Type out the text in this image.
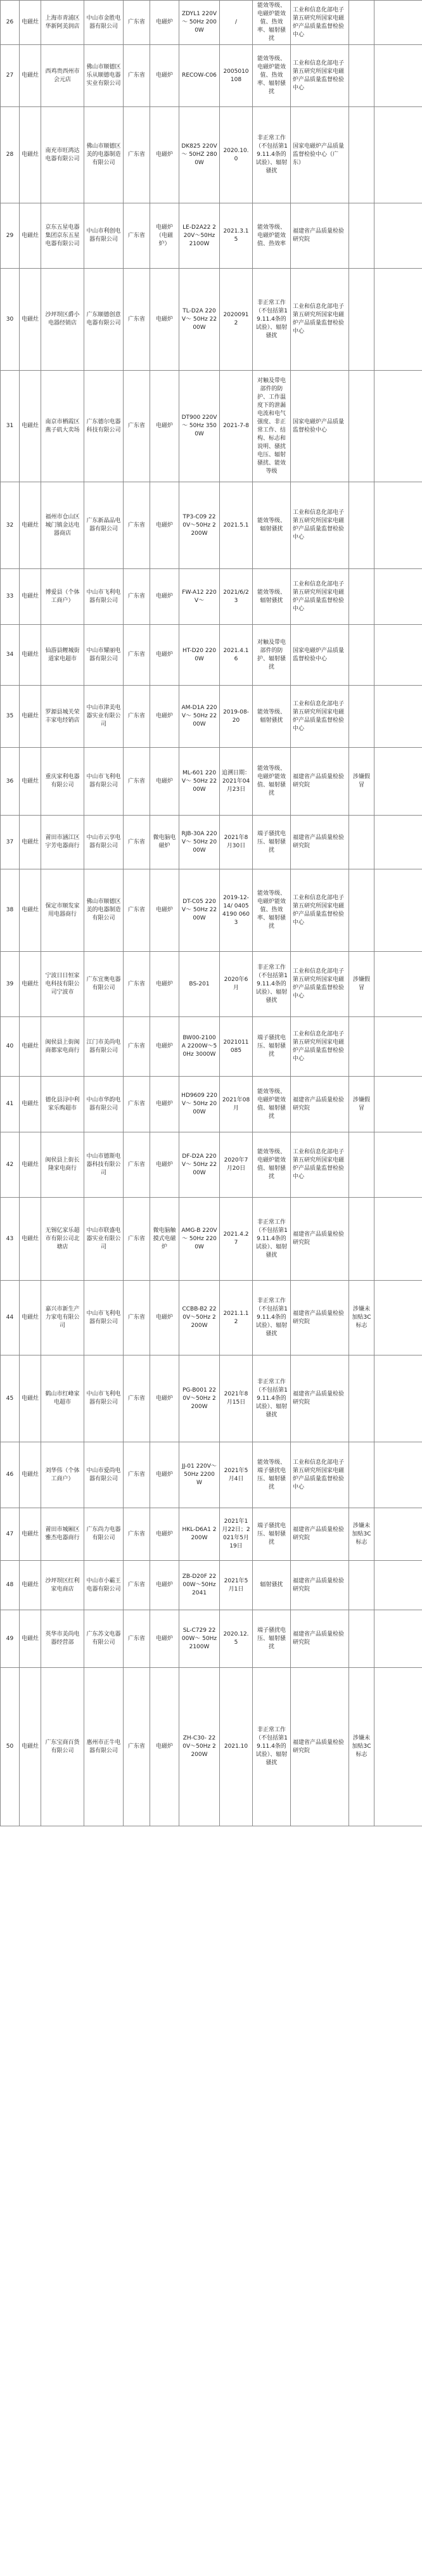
26	电磁灶	上海市青浦区华新阿美润店	中山市金胜电器有限公司	广东省	电磁炉	ZDYL1 220V～ 50Hz 2000W	/	能效等级、电磁炉能效值、热效率、辐射骚扰	工业和信息化部电子第五研究所国家电磁炉产品质量监督检验中心		
27	电磁灶	西鸡贵西州市会元店	佛山市顺德区乐从顺德电器实业有限公司	广东省	电磁炉	RECOW-C06	2005010108	能效等级、电磁炉能效值、热效率、辐射骚扰	工业和信息化部电子第五研究所国家电磁炉产品质量监督检验中心		
28	电磁灶	南充市旺鸿达电器有限公司	佛山市顺德区美的电器制造有限公司	广东省	电磁炉	DK825 220V～ 50HZ 2800W	2020.10.0	非正常工作（不包括第19.11.4条的试验）、辐射骚扰	国家电磁炉产品质量监督检验中心（广东）		
29	电磁灶	京东五星电器集团京东五星电器有限公司	中山市利创电器有限公司	广东省	电磁炉（电磁炉）	LE-D2A22 220V～50Hz 2100W	2021.3.15	能效等级、电磁炉能效值、热效率	福建省产品质量检验研究院		
30	电磁灶	沙坪坝区爵小电器经销店	广东顺德创意电器有限公司	广东省	电磁炉	TL-D2A 220V～ 50Hz 2200W	20200912	非正常工作（不包括第19.11.4条的试验）、辐射骚扰	工业和信息化部电子第五研究所国家电磁炉产品质量监督检验中心		
31	电磁灶	南京市栖霞区燕子矶大卖场	广东德尔电器科技有限公司	广东省	电磁炉	DT900 220V～ 50Hz 3500W	2021-7-8	对触及带电部件的防护、工作温度下的泄漏电流和电气强度、非正常工作、结构、标志和说明、骚扰电压、辐射骚扰、能效等级	国家电磁炉产品质量监督检验中心		
32	电磁灶	福州市仓山区城门镇金达电器商店	广东新晶品电器有限公司	广东省	电磁炉	TP3-C09 220V～50Hz 2200W	2021.5.1	能效等级、辐射骚扰	工业和信息化部电子第五研究所国家电磁炉产品质量监督检验中心		
33	电磁灶	博爱县（个体工商户）	中山市飞利电器有限公司	广东省	电磁炉	FW-A12 220V～	2021/6/23	能效等级、辐射骚扰	工业和信息化部电子第五研究所国家电磁炉产品质量监督检验中心		
34	电磁灶	仙游县鲤城街道家电超市	中山市耀丽电器有限公司	广东省	电磁炉	HT-D20 2200W	2021.4.16	对触及带电部件的防护、辐射骚扰	国家电磁炉产品质量监督检验中心		
35	电磁灶	罗源县城关荣丰家电经销店	中山市津美电器实业有限公司	广东省	电磁炉	AM-D1A 220V～ 50Hz 2200W	2019-08-20	能效等级、辐射骚扰	工业和信息化部电子第五研究所国家电磁炉产品质量监督检验中心		
36	电磁灶	重庆家利电器有限公司	中山市飞利电器有限公司	广东省	电磁炉	ML-601 220V～ 50Hz 2200W	追溯日期：2021年04月23日	能效等级、电磁炉能效值、辐射骚扰	福建省产品质量检验研究院	涉嫌假冒	
37	电磁灶	莆田市涵江区宇芳电器商行	中山市云享电器有限公司	广东省	微电脑电磁炉	RJB-30A 220V～ 50Hz 2000W	2021年8月30日	端子骚扰电压、辐射骚扰	福建省产品质量检验研究院		
38	电磁灶	保定市顺发家用电器商行	佛山市顺德区美的电器制造有限公司	广东省	电磁炉	DT-C05 220V～ 50Hz 2200W	2019-12-14/ 04054190 0603	能效等级、电磁炉能效值、热效率、辐射骚扰	工业和信息化部电子第五研究所国家电磁炉产品质量监督检验中心		
39	电磁灶	宁波日日恒家电科技有限公司宁波市	广东宜奥电器有限公司	广东省	电磁炉	BS-201	2020年6月	非正常工作（不包括第19.11.4条的试验）、辐射骚扰	工业和信息化部电子第五研究所国家电磁炉产品质量监督检验中心	涉嫌假冒	
40	电磁灶	闽侯县上街闽商都家电商行	江门市美尚电器有限公司	广东省	电磁炉	BW00-2100A 2200W～50Hz 3000W	2021011085	端子骚扰电压、辐射骚扰	工业和信息化部电子第五研究所国家电磁炉产品质量监督检验中心		
41	电磁灶	德化县浔中利家乐购超市	中山市华韵电器有限公司	广东省	电磁炉	HD9609 220V～ 50Hz 2000W	2021年08月	能效等级、电磁炉能效值、辐射骚扰	福建省产品质量检验研究院	涉嫌假冒	
42	电磁灶	闽侯县上街长隆家电商行	中山市德斯电器科技有限公司	广东省	电磁炉	DF-D2A 220V～ 50Hz 2200W	2020年7月20日	能效等级、电磁炉能效值、辐射骚扰	工业和信息化部电子第五研究所国家电磁炉产品质量监督检验中心		
43	电磁灶	无锡亿家乐超市有限公司北塘店	中山市联盛电器实业有限公司	广东省	微电脑触摸式电磁炉	AMG-B 220V～ 50Hz 2200W	2021.4.27	非正常工作（不包括第19.11.4条的试验）、辐射骚扰	福建省产品质量检验研究院		
44	电磁灶	嘉兴市新生产力家电有限公司	中山市飞利电器有限公司	广东省	电磁炉	CCBB-B2 220V～50Hz 2200W	2021.1.12	非正常工作（不包括第19.11.4条的试验）、辐射骚扰	福建省产品质量检验研究院	涉嫌未加贴3C标志	
45	电磁灶	鹤山市红峰家电超市	中山市飞利电器有限公司	广东省	电磁炉	PG-B001 220V～50Hz 2200W	2021年8月15日	非正常工作（不包括第19.11.4条的试验）、辐射骚扰	福建省产品质量检验研究院		
46	电磁灶	刘华伟（个体工商户）	中山市爱尚电器有限公司	广东省	电磁炉	JJ-01 220V～ 50Hz 2200W	2021年5月4日	能效等级、端子骚扰电压、辐射骚扰	工业和信息化部电子第五研究所国家电磁炉产品质量监督检验中心		
47	电磁灶	莆田市城厢区雅杰电器商行	广东尚力电器有限公司	广东省	电磁炉	HKL-D6A1 2200W	2021年1月22日；2021年5月19日	端子骚扰电压、辐射骚扰	福建省产品质量检验研究院	涉嫌未加贴3C标志	
48	电磁灶	沙坪坝区红利家电商店	中山市小霸王电器有限公司	广东省	电磁炉	ZB-D20F 2200W～50Hz 2041	2021年5月1日	辐射骚扰	福建省产品质量检验研究院		
49	电磁灶	英华市美尚电器经营部	广东苏文电器有限公司	广东省	电磁炉	SL-C729 2200W～ 50Hz 2100W	2020.12.5	端子骚扰电压、辐射骚扰	福建省产品质量检验研究院		
50	电磁灶	广东宝商百货有限公司	惠州市正牛电器有限公司	广东省	电磁炉	ZH-C30- 220V～50Hz 2200W	2021.10	非正常工作（不包括第19.11.4条的试验）、辐射骚扰	福建省产品质量检验研究院	涉嫌未加贴3C标志	
